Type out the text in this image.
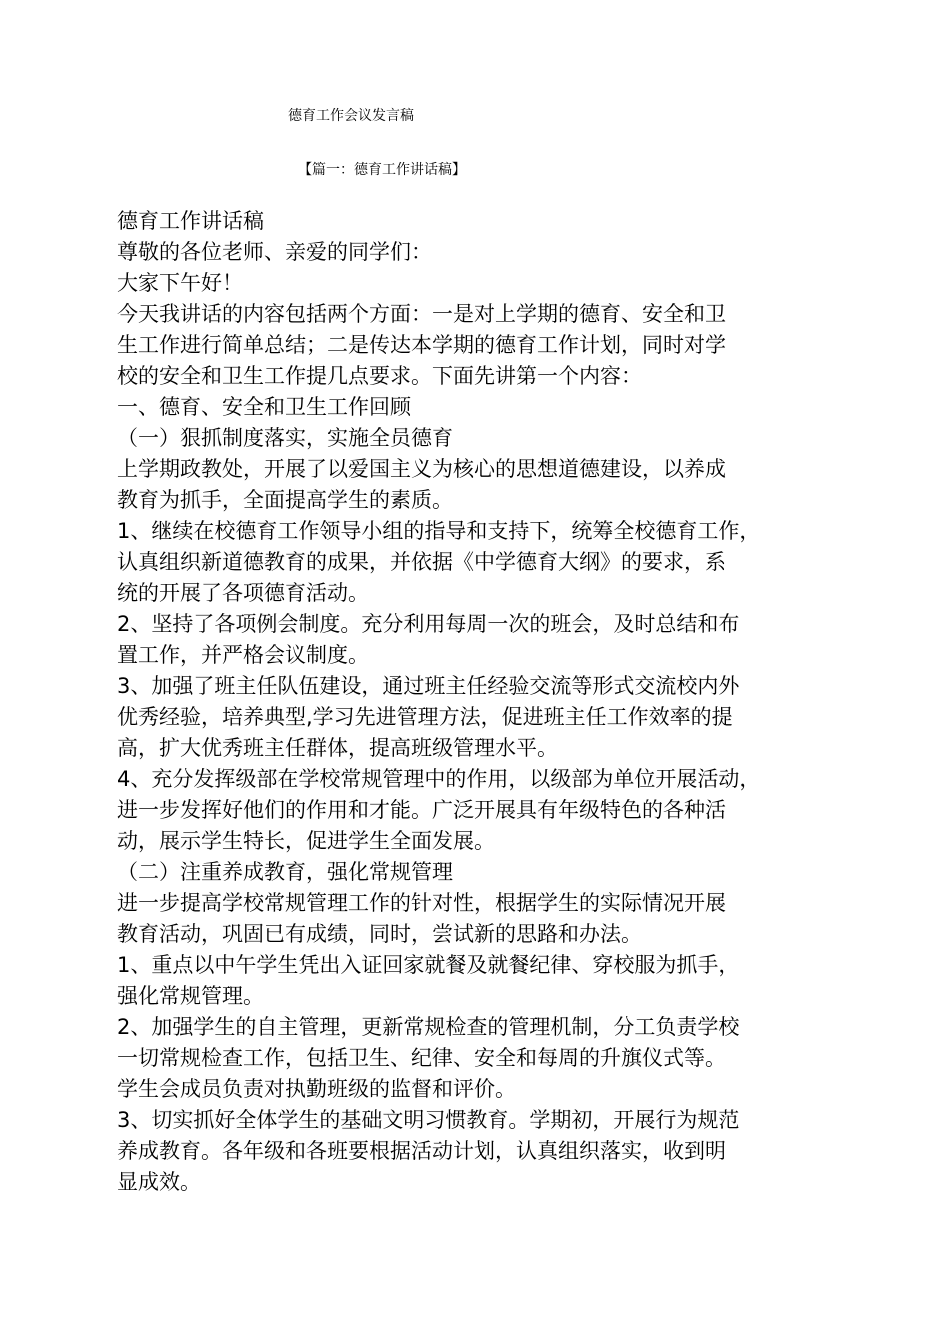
德育工作会议发言稿
【篇一：德育工作讲话稿】
德育工作讲话稿
尊敬的各位老师、亲爱的同学们：
大家下午好！
今天我讲话的内容包括两个方面：一是对上学期的德育、安全和卫
生工作进行简单总结；二是传达本学期的德育工作计划，同时对学
校的安全和卫生工作提几点要求。下面先讲第一个内容：
一、德育、安全和卫生工作回顾
（一）狠抓制度落实，实施全员德育
上学期政教处，开展了以爱国主义为核心的思想道德建设，以养成
教育为抓手，全面提高学生的素质。
1、继续在校德育工作领导小组的指导和支持下，统筹全校德育工作，
认真组织新道德教育的成果，并依据《中学德育大纲》的要求，系
统的开展了各项德育活动。
2、坚持了各项例会制度。充分利用每周一次的班会，及时总结和布
置工作，并严格会议制度。
3、加强了班主任队伍建设，通过班主任经验交流等形式交流校内外
优秀经验，培养典型,学习先进管理方法，促进班主任工作效率的提
高，扩大优秀班主任群体，提高班级管理水平。
4、充分发挥级部在学校常规管理中的作用，以级部为单位开展活动，
进一步发挥好他们的作用和才能。广泛开展具有年级特色的各种活
动，展示学生特长，促进学生全面发展。
（二）注重养成教育，强化常规管理
进一步提高学校常规管理工作的针对性，根据学生的实际情况开展
教育活动，巩固已有成绩，同时，尝试新的思路和办法。
1、重点以中午学生凭出入证回家就餐及就餐纪律、穿校服为抓手，
强化常规管理。
2、加强学生的自主管理，更新常规检查的管理机制，分工负责学校
一切常规检查工作，包括卫生、纪律、安全和每周的升旗仪式等。
学生会成员负责对执勤班级的监督和评价。
3、切实抓好全体学生的基础文明习惯教育。学期初，开展行为规范
养成教育。各年级和各班要根据活动计划，认真组织落实，收到明
显成效。
